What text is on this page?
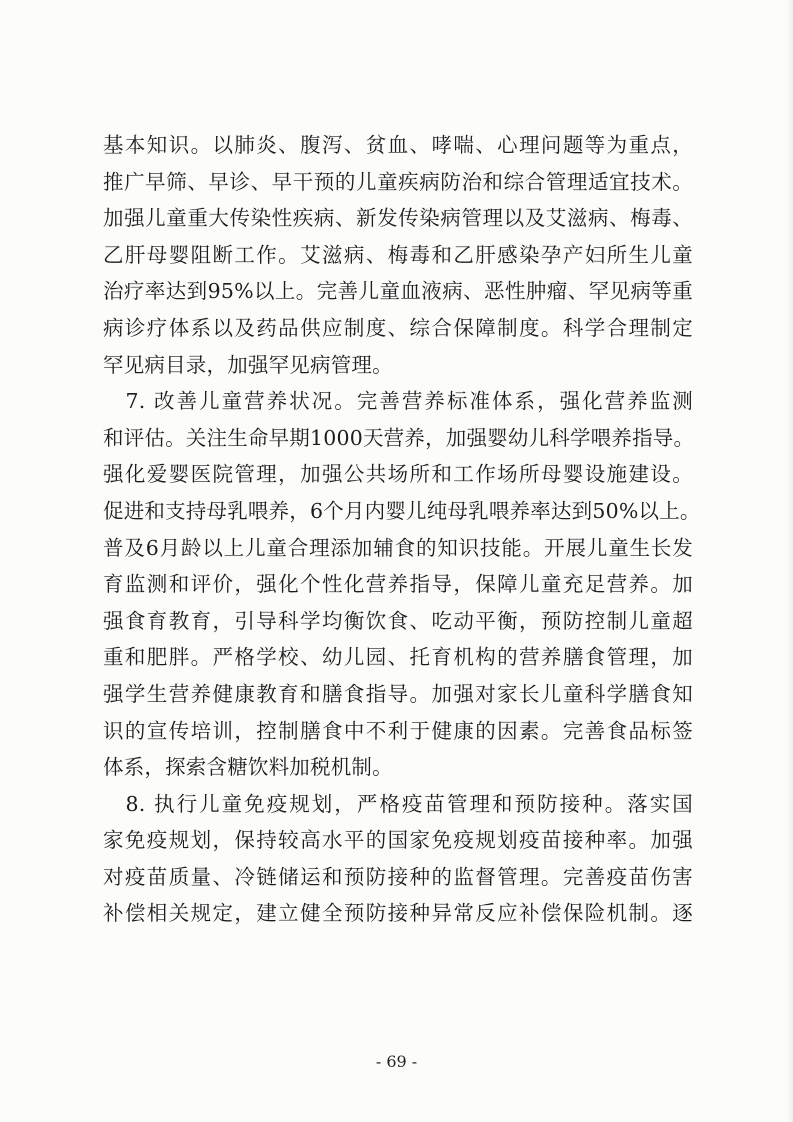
基本知识。以肺炎、腹泻、贫血、哮喘、心理问题等为重点，
推广早筛、早诊、早干预的儿童疾病防治和综合管理适宜技术。
加强儿童重大传染性疾病、新发传染病管理以及艾滋病、梅毒、
乙肝母婴阻断工作。艾滋病、梅毒和乙肝感染孕产妇所生儿童
治疗率达到95%以上。完善儿童血液病、恶性肿瘤、罕见病等重
病诊疗体系以及药品供应制度、综合保障制度。科学合理制定
罕见病目录，加强罕见病管理。
　7. 改善儿童营养状况。完善营养标准体系，强化营养监测
和评估。关注生命早期1000天营养，加强婴幼儿科学喂养指导。
强化爱婴医院管理，加强公共场所和工作场所母婴设施建设。
促进和支持母乳喂养，6个月内婴儿纯母乳喂养率达到50%以上。
普及6月龄以上儿童合理添加辅食的知识技能。开展儿童生长发
育监测和评价，强化个性化营养指导，保障儿童充足营养。加
强食育教育，引导科学均衡饮食、吃动平衡，预防控制儿童超
重和肥胖。严格学校、幼儿园、托育机构的营养膳食管理，加
强学生营养健康教育和膳食指导。加强对家长儿童科学膳食知
识的宣传培训，控制膳食中不利于健康的因素。完善食品标签
体系，探索含糖饮料加税机制。
　8. 执行儿童免疫规划，严格疫苗管理和预防接种。落实国
家免疫规划，保持较高水平的国家免疫规划疫苗接种率。加强
对疫苗质量、冷链储运和预防接种的监督管理。完善疫苗伤害
补偿相关规定，建立健全预防接种异常反应补偿保险机制。逐
- 69 -
